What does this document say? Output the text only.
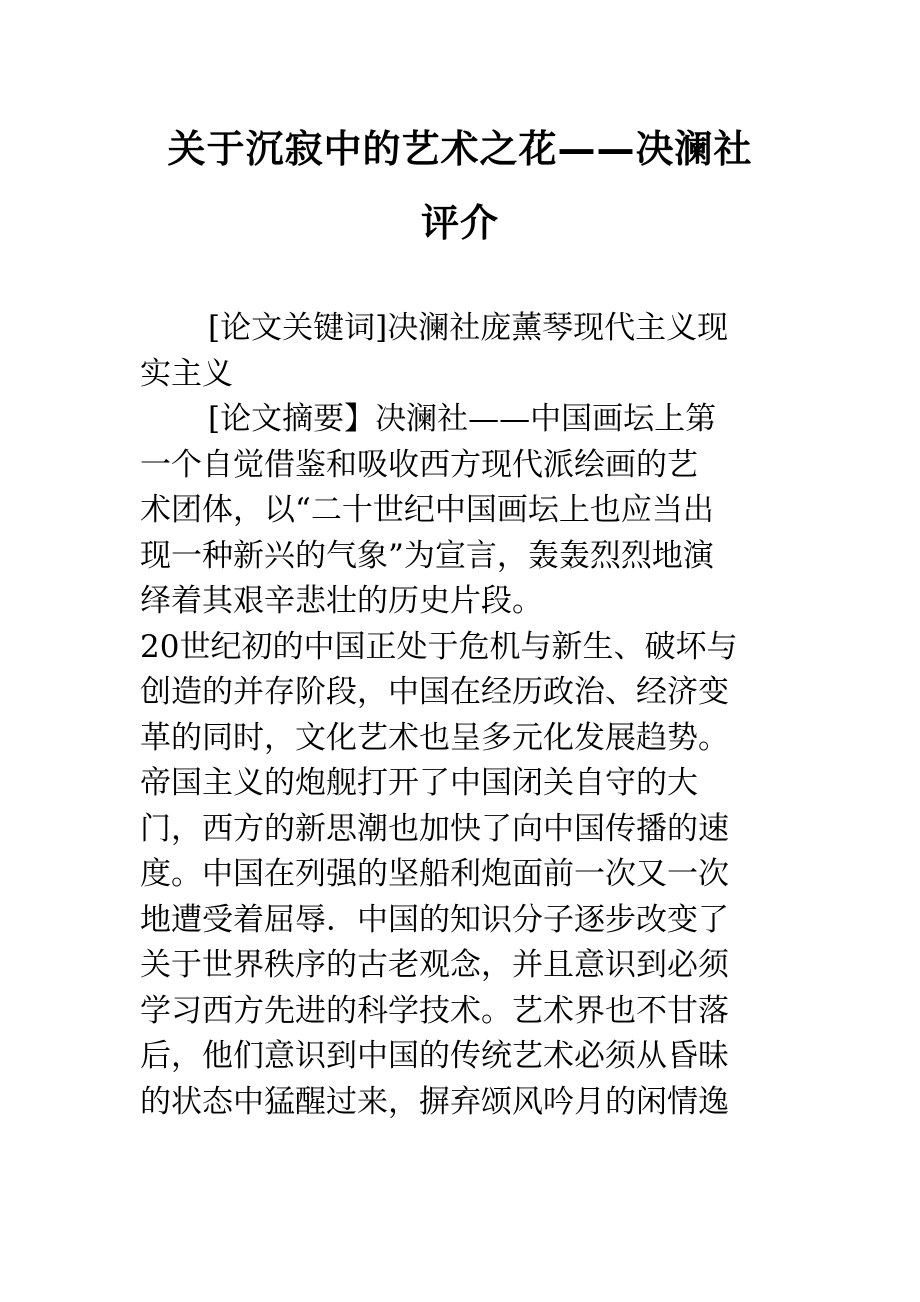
关于沉寂中的艺术之花——决澜社
评介
[论文关键词]决澜社庞薰琴现代主义现
实主义
[论文摘要】决澜社——中国画坛上第
一个自觉借鉴和吸收西方现代派绘画的艺
术团体，以“二十世纪中国画坛上也应当出
现一种新兴的气象”为宣言，轰轰烈烈地演
绎着其艰辛悲壮的历史片段。
20世纪初的中国正处于危机与新生、破坏与
创造的并存阶段，中国在经历政治、经济变
革的同时，文化艺术也呈多元化发展趋势。
帝国主义的炮舰打开了中国闭关自守的大
门，西方的新思潮也加快了向中国传播的速
度。中国在列强的坚船利炮面前一次又一次
地遭受着屈辱．中国的知识分子逐步改变了
关于世界秩序的古老观念，并且意识到必须
学习西方先进的科学技术。艺术界也不甘落
后，他们意识到中国的传统艺术必须从昏昧
的状态中猛醒过来，摒弃颂风吟月的闲情逸
